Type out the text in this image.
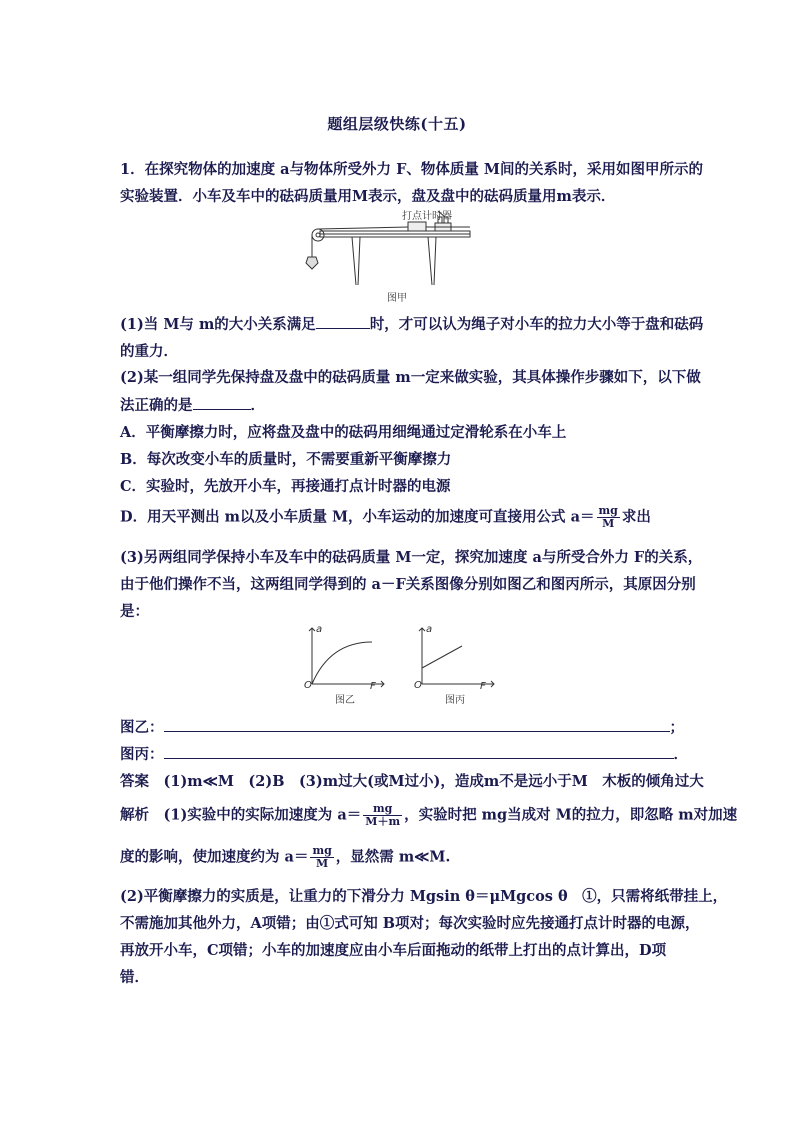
题组层级快练(十五)
1．在探究物体的加速度 a与物体所受外力 F、物体质量 M间的关系时，采用如图甲所示的
实验装置．小车及车中的砝码质量用M表示，盘及盘中的砝码质量用m表示．
打点计时器
图甲
(1)当 M与 m的大小关系满足	时，才可以认为绳子对小车的拉力大小等于盘和砝码
的重力．
(2)某一组同学先保持盘及盘中的砝码质量 m一定来做实验，其具体操作步骤如下，以下做
法正确的是	．
A．平衡摩擦力时，应将盘及盘中的砝码用细绳通过定滑轮系在小车上
B．每次改变小车的质量时，不需要重新平衡摩擦力
C．实验时，先放开小车，再接通打点计时器的电源
D．用天平测出 m以及小车质量 M，小车运动的加速度可直接用公式 $a= \frac{mg}{M}$ 求出
(3)另两组同学保持小车及车中的砝码质量 M一定，探究加速度 a与所受合外力 F的关系，
由于他们操作不当，这两组同学得到的 a－F关系图像分别如图乙和图丙所示，其原因分别
是：
a
O	F
图乙
a
O	F
图丙
图乙：	；
图丙：	．
答案　(1)m≪M　(2)B　(3)m过大(或M过小)，造成m不是远小于M　木板的倾角过大
解析　(1)实验中的实际加速度为 $a= \frac{mg}{M+m}$ ，实验时把 mg当成对 M的拉力，即忽略 m对加速
度的影响，使加速度约为 $a= \frac{mg}{M}$ ，显然需 m≪M.
(2)平衡摩擦力的实质是，让重力的下滑分力 Mgsin θ＝μMgcos θ　①，只需将纸带挂上，
不需施加其他外力，A项错；由①式可知 B项对；每次实验时应先接通打点计时器的电源，
再放开小车，C项错；小车的加速度应由小车后面拖动的纸带上打出的点计算出，D项
错．
